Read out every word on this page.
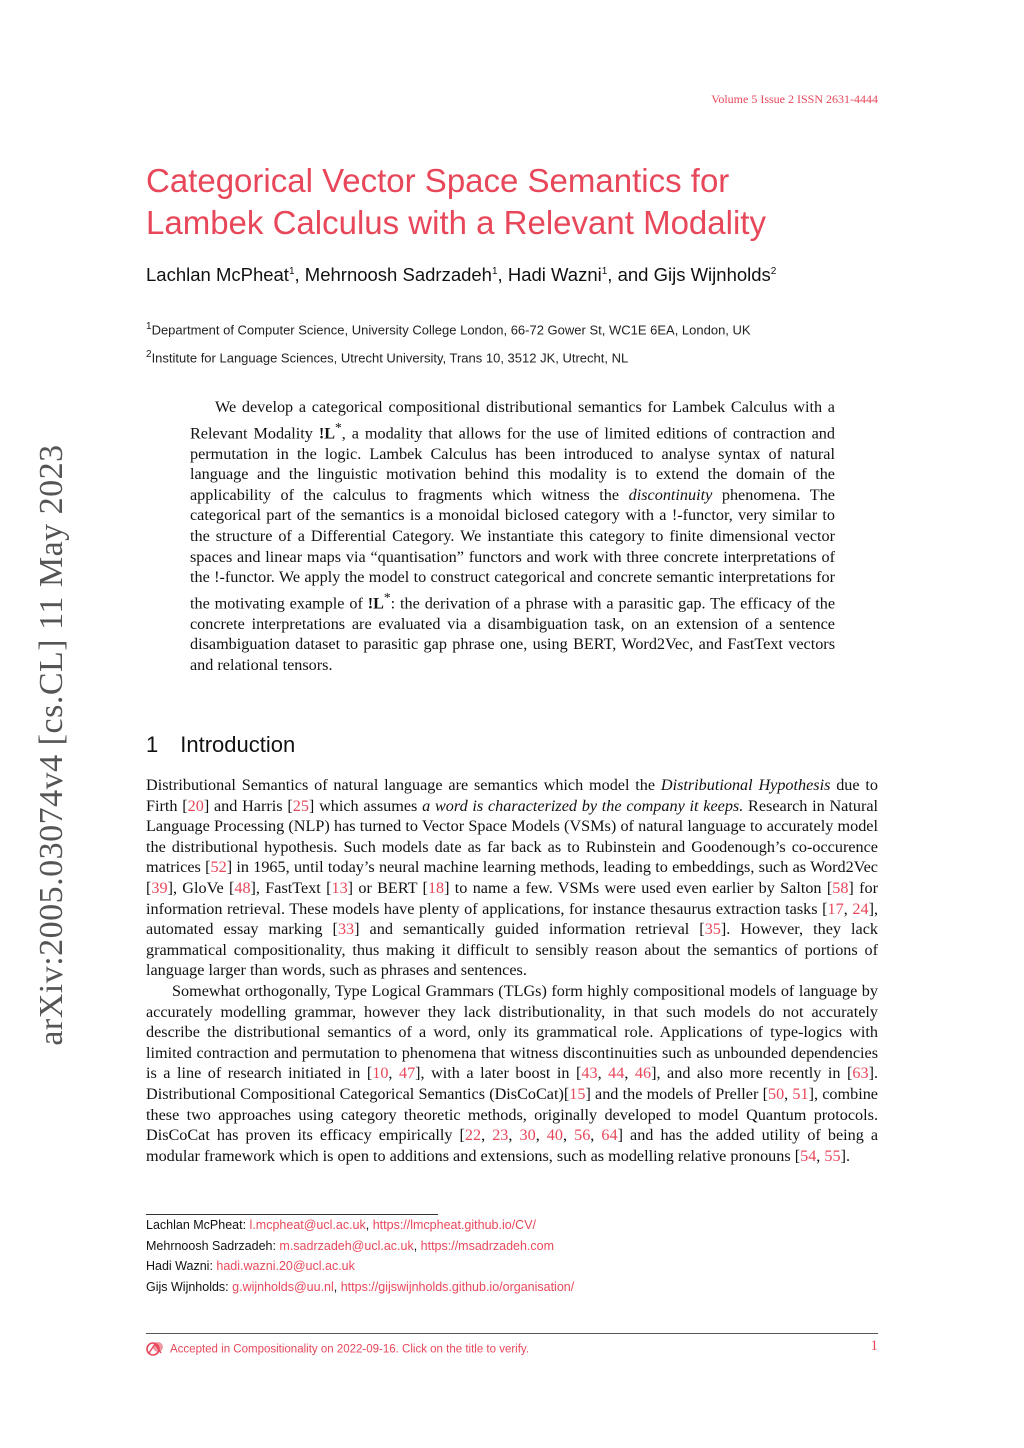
Volume 5 Issue 2 ISSN 2631-4444
arXiv:2005.03074v4 [cs.CL] 11 May 2023
Categorical Vector Space Semantics for
Lambek Calculus with a Relevant Modality
Lachlan McPheat$^1$, Mehrnoosh Sadrzadeh$^1$, Hadi Wazni$^1$, and Gijs Wijnholds$^2$
$^1$Department of Computer Science, University College London, 66-72 Gower St, WC1E 6EA, London, UK
$^2$Institute for Language Sciences, Utrecht University, Trans 10, 3512 JK, Utrecht, NL

We develop a categorical compositional distributional semantics for Lambek Calculus with a Relevant Modality !L*, a modality that allows for the use of limited editions of contraction and permutation in the logic. Lambek Calculus has been introduced to analyse syntax of natural language and the linguistic motivation behind this modality is to extend the domain of the applicability of the calculus to fragments which witness the discontinuity phenomena. The categorical part of the semantics is a monoidal biclosed category with a !-functor, very similar to the structure of a Differential Category. We instantiate this category to finite dimensional vector spaces and linear maps via “quantisation” functors and work with three concrete interpretations of the !-functor. We apply the model to construct categorical and concrete semantic interpretations for the motivating example of !L*: the derivation of a phrase with a parasitic gap. The efficacy of the concrete interpretations are evaluated via a disambiguation task, on an extension of a sentence disambiguation dataset to parasitic gap phrase one, using BERT, Word2Vec, and FastText vectors and relational tensors.

1 Introduction

Distributional Semantics of natural language are semantics which model the Distributional Hypothesis due to Firth [20] and Harris [25] which assumes a word is characterized by the company it keeps. Research in Natural Language Processing (NLP) has turned to Vector Space Models (VSMs) of natural language to accurately model the distributional hypothesis. Such models date as far back as to Rubinstein and Goodenough’s co-occurence matrices [52] in 1965, until today’s neural machine learning methods, leading to embeddings, such as Word2Vec [39], GloVe [48], FastText [13] or BERT [18] to name a few. VSMs were used even earlier by Salton [58] for information retrieval. These models have plenty of applications, for instance thesaurus extraction tasks [17, 24], automated essay marking [33] and semantically guided information retrieval [35]. However, they lack grammatical compositionality, thus making it difficult to sensibly reason about the semantics of portions of language larger than words, such as phrases and sentences.

Somewhat orthogonally, Type Logical Grammars (TLGs) form highly compositional models of language by accurately modelling grammar, however they lack distributionality, in that such models do not accurately describe the distributional semantics of a word, only its grammatical role. Applications of type-logics with limited contraction and permutation to phenomena that witness discontinuities such as unbounded dependencies is a line of research initiated in [10, 47], with a later boost in [43, 44, 46], and also more recently in [63]. Distributional Compositional Categorical Semantics (DisCoCat)[15] and the models of Preller [50, 51], combine these two approaches using category theoretic methods, originally developed to model Quantum protocols. DisCoCat has proven its efficacy empirically [22, 23, 30, 40, 56, 64] and has the added utility of being a modular framework which is open to additions and extensions, such as modelling relative pronouns [54, 55].

Lachlan McPheat: l.mcpheat@ucl.ac.uk, https://lmcpheat.github.io/CV/
Mehrnoosh Sadrzadeh: m.sadrzadeh@ucl.ac.uk, https://msadrzadeh.com
Hadi Wazni: hadi.wazni.20@ucl.ac.uk
Gijs Wijnholds: g.wijnholds@uu.nl, https://gijswijnholds.github.io/organisation/
Accepted in Compositionality on 2022-09-16. Click on the title to verify.	1
